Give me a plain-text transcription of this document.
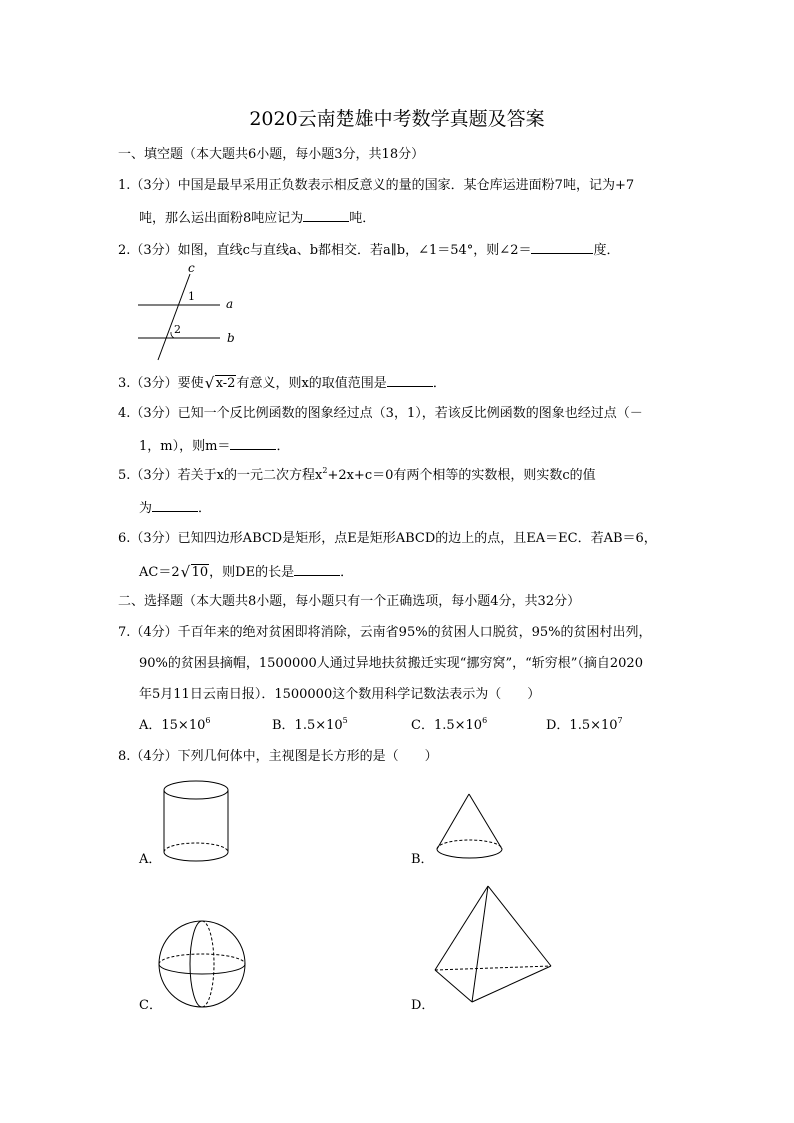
2020云南楚雄中考数学真题及答案
一、填空题（本大题共6小题，每小题3分，共18分）
1.（3分）中国是最早采用正负数表示相反意义的量的国家．某仓库运进面粉7吨，记为+7
吨，那么运出面粉8吨应记为	吨．
2.（3分）如图，直线c与直线a、b都相交．若a∥b，∠1＝54°，则∠2＝	度．
c
a
b
1
2
3.（3分）要使 √ x-2有意义，则x的取值范围是	．
4.（3分）已知一个反比例函数的图象经过点（3，1），若该反比例函数的图象也经过点（－
1，m），则m＝	．
5.（3分）若关于x的一元二次方程$x^2+2x+c=0$有两个相等的实数根，则实数c的值
为	．
6.（3分）已知四边形ABCD是矩形，点E是矩形ABCD的边上的点，且EA＝EC．若AB＝6，
AC＝2 √ 10，则DE的长是	．
二、选择题（本大题共8小题，每小题只有一个正确选项，每小题4分，共32分）
7.（4分）千百年来的绝对贫困即将消除，云南省95%的贫困人口脱贫，95%的贫困村出列，
90%的贫困县摘帽，1500000人通过异地扶贫搬迁实现“挪穷窝”，“斩穷根”（摘自2020
年5月11日云南日报）．1500000这个数用科学记数法表示为（　　）
A．$15\times 10^6$	B．$1.5\times 10^5$	C．$1.5\times 10^6$	D．$1.5\times 10^7$
8.（4分）下列几何体中，主视图是长方形的是（　　）
A．	B．
C．	D．
